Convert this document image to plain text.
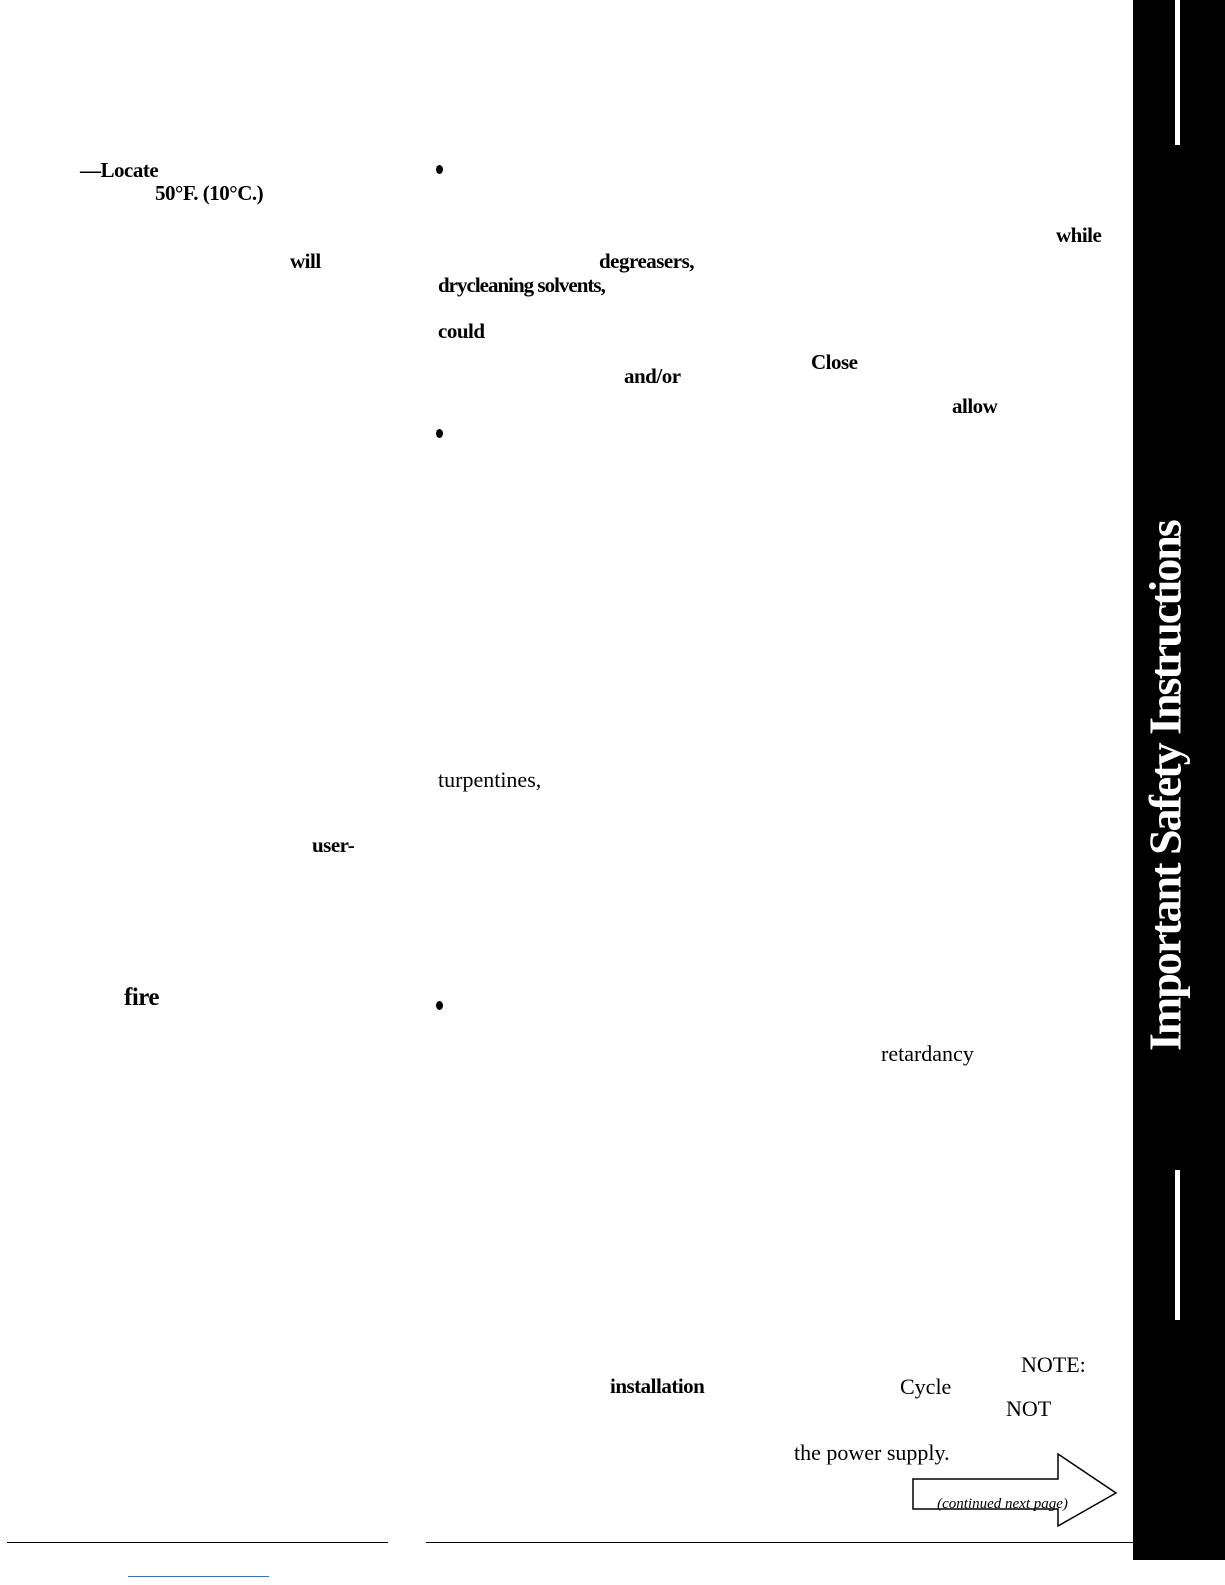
—Locate
50°F. (10°C.)
will
user-
fire
while
degreasers,
drycleaning solvents,
could
Close
and/or
allow
turpentines,
retardancy
NOTE:
installation	Cycle
NOT
the power supply.
(continued next page)
Important Safety Instructions
